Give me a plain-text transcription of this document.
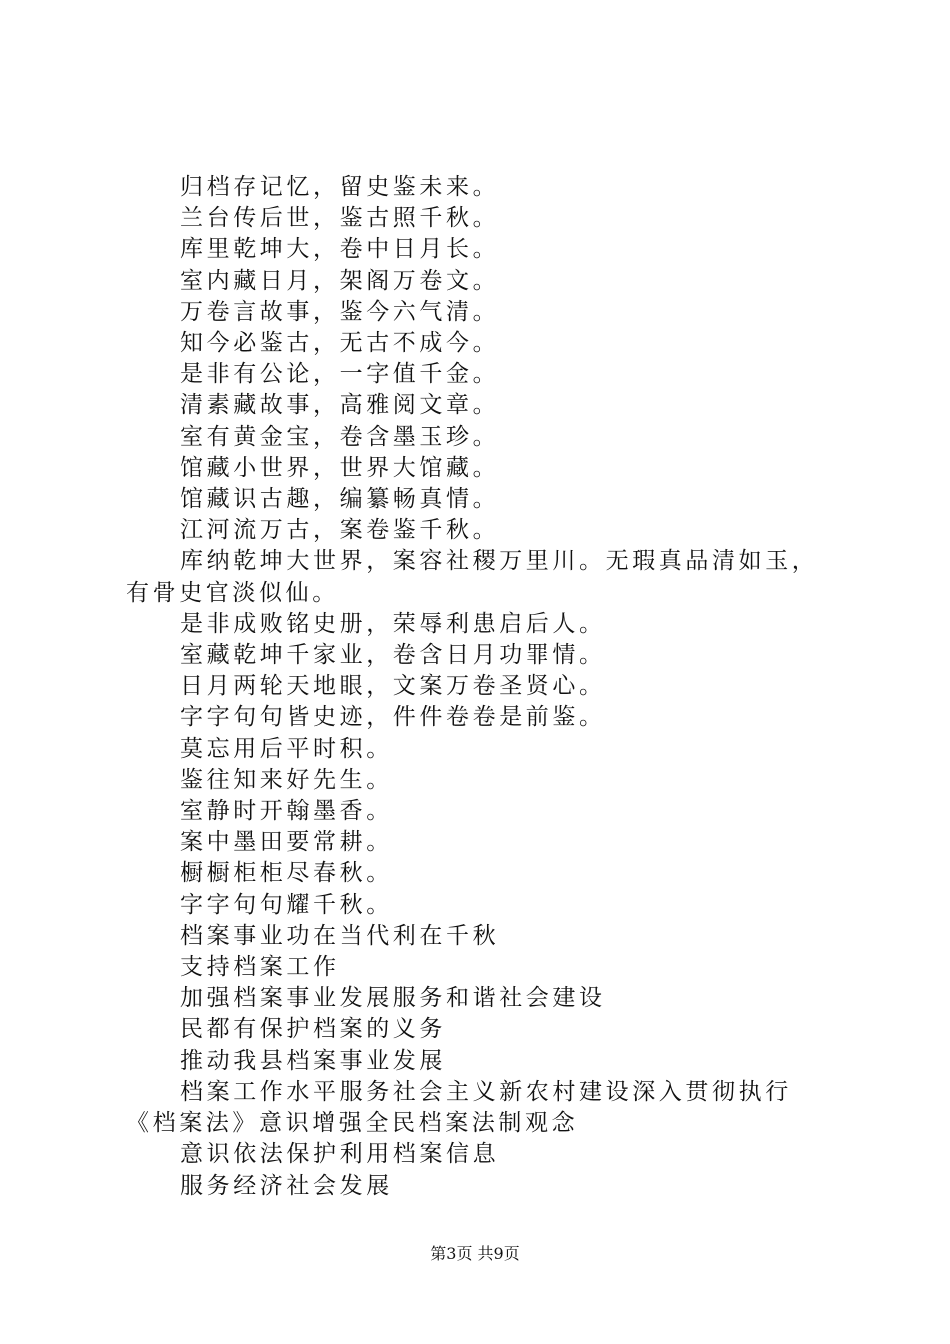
归档存记忆，留史鉴未来。

兰台传后世，鉴古照千秋。

库里乾坤大，卷中日月长。

室内藏日月，架阁万卷文。

万卷言故事，鉴今六气清。

知今必鉴古，无古不成今。

是非有公论，一字值千金。

清素藏故事，高雅阅文章。

室有黄金宝，卷含墨玉珍。

馆藏小世界，世界大馆藏。

馆藏识古趣，编纂畅真情。

江河流万古，案卷鉴千秋。

库纳乾坤大世界，案容社稷万里川。无瑕真品清如玉，有骨史官淡似仙。

是非成败铭史册，荣辱利患启后人。

室藏乾坤千家业，卷含日月功罪情。

日月两轮天地眼，文案万卷圣贤心。

字字句句皆史迹，件件卷卷是前鉴。

莫忘用后平时积。

鉴往知来好先生。

室静时开翰墨香。

案中墨田要常耕。

橱橱柜柜尽春秋。

字字句句耀千秋。

档案事业功在当代利在千秋

支持档案工作

加强档案事业发展服务和谐社会建设

民都有保护档案的义务

推动我县档案事业发展

档案工作水平服务社会主义新农村建设深入贯彻执行《档案法》意识增强全民档案法制观念

意识依法保护利用档案信息

服务经济社会发展

第3页 共9页
